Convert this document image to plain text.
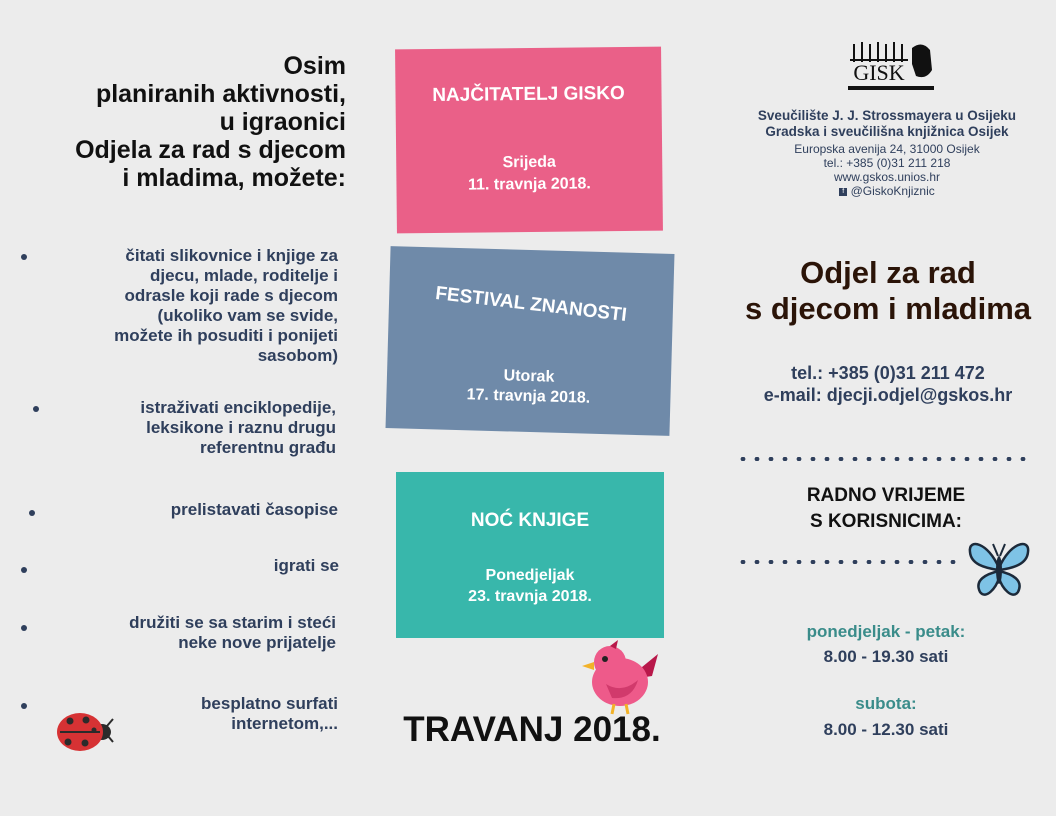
Osim
planiranih aktivnosti,
u igraonici
Odjela za rad s djecom
i mladima, možete:
čitati slikovnice i knjige za
djecu, mlade, roditelje i
odrasle koji rade s djecom
(ukoliko vam se svide,
možete ih posuditi i ponijeti
sasobom)
istraživati enciklopedije,
leksikone i raznu drugu
referentnu građu
prelistavati časopise
igrati se
družiti se sa starim i steći
neke nove prijatelje
besplatno surfati
internetom,...
NAJČITATELJ GISKO
Srijeda
11. travnja 2018.
FESTIVAL ZNANOSTI
Utorak
17. travnja 2018.
NOĆ KNJIGE
Ponedjeljak
23. travnja 2018.
TRAVANJ 2018.
GISK
Sveučilište J. J. Strossmayera u Osijeku
Gradska i sveučilišna knjižnica Osijek
Europska avenija 24, 31000 Osijek
tel.: +385 (0)31 211 218
www.gskos.unios.hr
f @GiskoKnjiznic
Odjel za rad
s djecom i mladima
tel.: +385 (0)31 211 472
e-mail: djecji.odjel@gskos.hr
RADNO VRIJEME
S KORISNICIMA:
ponedjeljak - petak:
8.00 - 19.30 sati
subota:
8.00 - 12.30 sati
